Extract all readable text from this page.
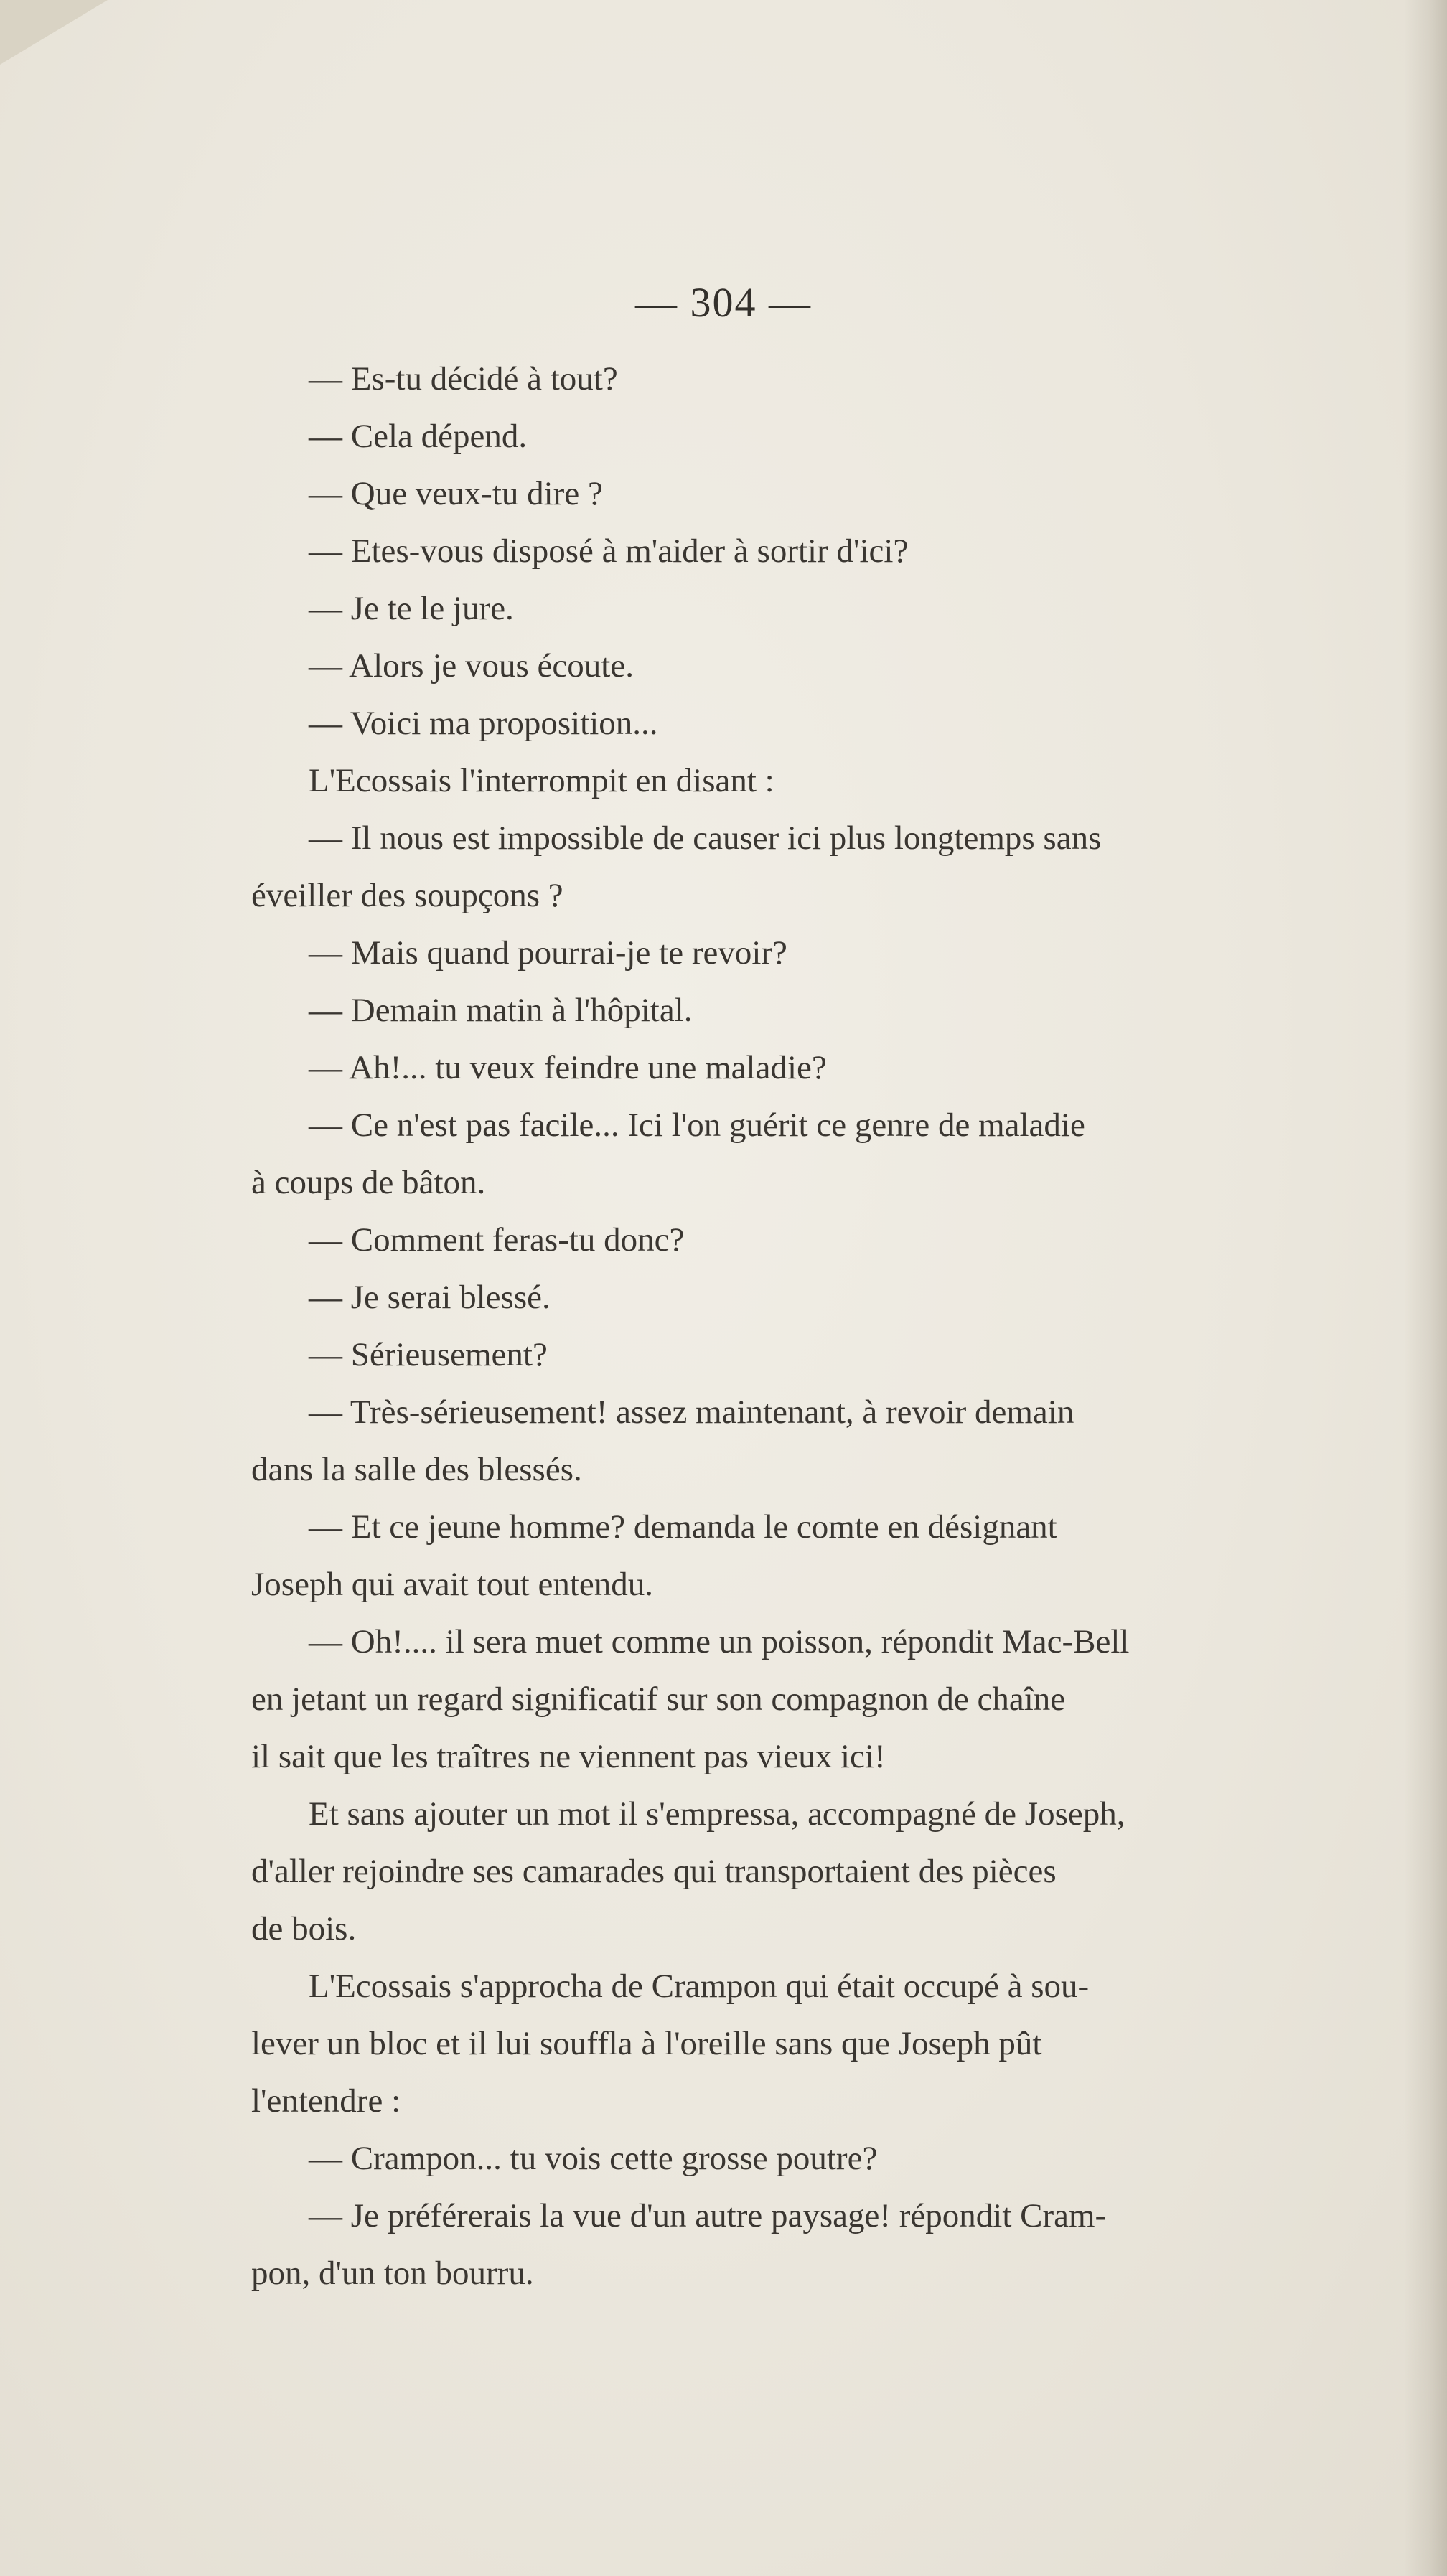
— 304 —
— Es-tu décidé à tout?
— Cela dépend.
— Que veux-tu dire ?
— Etes-vous disposé à m'aider à sortir d'ici?
— Je te le jure.
— Alors je vous écoute.
— Voici ma proposition...
L'Ecossais l'interrompit en disant :
— Il nous est impossible de causer ici plus longtemps sans
éveiller des soupçons ?
— Mais quand pourrai-je te revoir?
— Demain matin à l'hôpital.
— Ah!... tu veux feindre une maladie?
— Ce n'est pas facile... Ici l'on guérit ce genre de maladie
à coups de bâton.
— Comment feras-tu donc?
— Je serai blessé.
— Sérieusement?
— Très-sérieusement! assez maintenant, à revoir demain
dans la salle des blessés.
— Et ce jeune homme? demanda le comte en désignant
Joseph qui avait tout entendu.
— Oh!.... il sera muet comme un poisson, répondit Mac-Bell
en jetant un regard significatif sur son compagnon de chaîne
il sait que les traîtres ne viennent pas vieux ici!
Et sans ajouter un mot il s'empressa, accompagné de Joseph,
d'aller rejoindre ses camarades qui transportaient des pièces
de bois.
L'Ecossais s'approcha de Crampon qui était occupé à sou-
lever un bloc et il lui souffla à l'oreille sans que Joseph pût
l'entendre :
— Crampon... tu vois cette grosse poutre?
— Je préférerais la vue d'un autre paysage! répondit Cram-
pon, d'un ton bourru.
